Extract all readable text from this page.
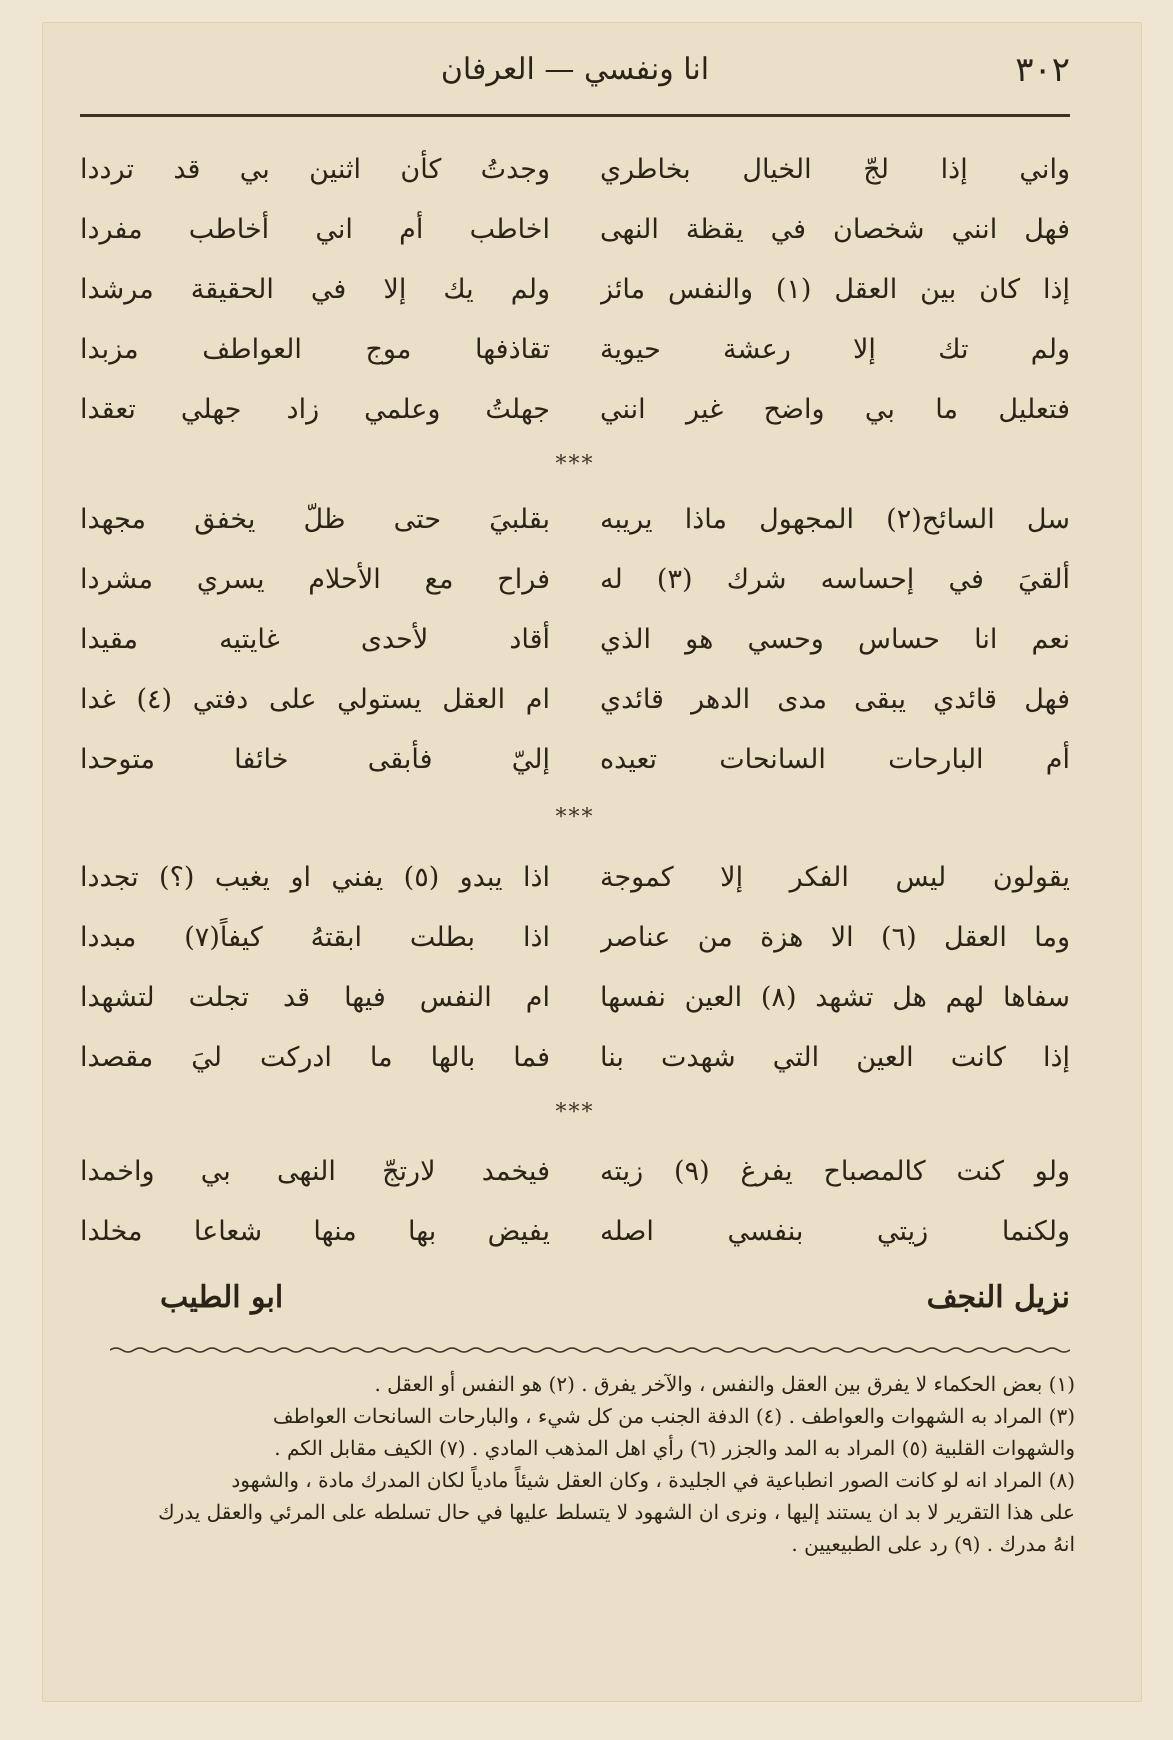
٣٠٢
انا ونفسي — العرفان
واني إذا لجّ الخيال بخاطري
وجدتُ كأن اثنين بي قد ترددا
فهل انني شخصان في يقظة النهى
اخاطب أم اني أخاطب مفردا
إذا كان بين العقل (١) والنفس مائز
ولم يك إلا في الحقيقة مرشدا
ولم تك إلا رعشة حيوية
تقاذفها موج العواطف مزبدا
فتعليل ما بي واضح غير انني
جهلتُ وعلمي زاد جهلي تعقدا
***
سل السائح(٢) المجهول ماذا يريبه
بقلبيَ حتى ظلّ يخفق مجهدا
ألقيَ في إحساسه شرك (٣) له
فراح مع الأحلام يسري مشردا
نعم انا حساس وحسي هو الذي
أقاد لأحدى غايتيه مقيدا
فهل قائدي يبقى مدى الدهر قائدي
ام العقل يستولي على دفتي (٤) غدا
أم البارحات السانحات تعيده
إليّ فأبقى خائفا متوحدا
***
يقولون ليس الفكر إلا كموجة
اذا يبدو (٥) يفني او يغيب (؟) تجددا
وما العقل (٦) الا هزة من عناصر
اذا بطلت ابقتهُ كيفاً(٧) مبددا
سفاها لهم هل تشهد (٨) العين نفسها
ام النفس فيها قد تجلت لتشهدا
إذا كانت العين التي شهدت بنا
فما بالها ما ادركت ليَ مقصدا
***
ولو كنت كالمصباح يفرغ (٩) زيته
فيخمد لارتجّ النهى بي واخمدا
ولكنما زيتي بنفسي اصله
يفيض بها منها شعاعا مخلدا
نزيل النجف
ابو الطيب
(١) بعض الحكماء لا يفرق بين العقل والنفس ، والآخر يفرق . (٢) هو النفس أو العقل .
(٣) المراد به الشهوات والعواطف . (٤) الدفة الجنب من كل شيء ، والبارحات السانحات العواطف
والشهوات القلبية (٥) المراد به المد والجزر (٦) رأي اهل المذهب المادي . (٧) الكيف مقابل الكم .
(٨) المراد انه لو كانت الصور انطباعية في الجليدة ، وكان العقل شيئاً مادياً لكان المدرك مادة ، والشهود
على هذا التقرير لا بد ان يستند إليها ، ونرى ان الشهود لا يتسلط عليها في حال تسلطه على المرئي والعقل يدرك
انهُ مدرك . (٩) رد على الطبيعيين .
